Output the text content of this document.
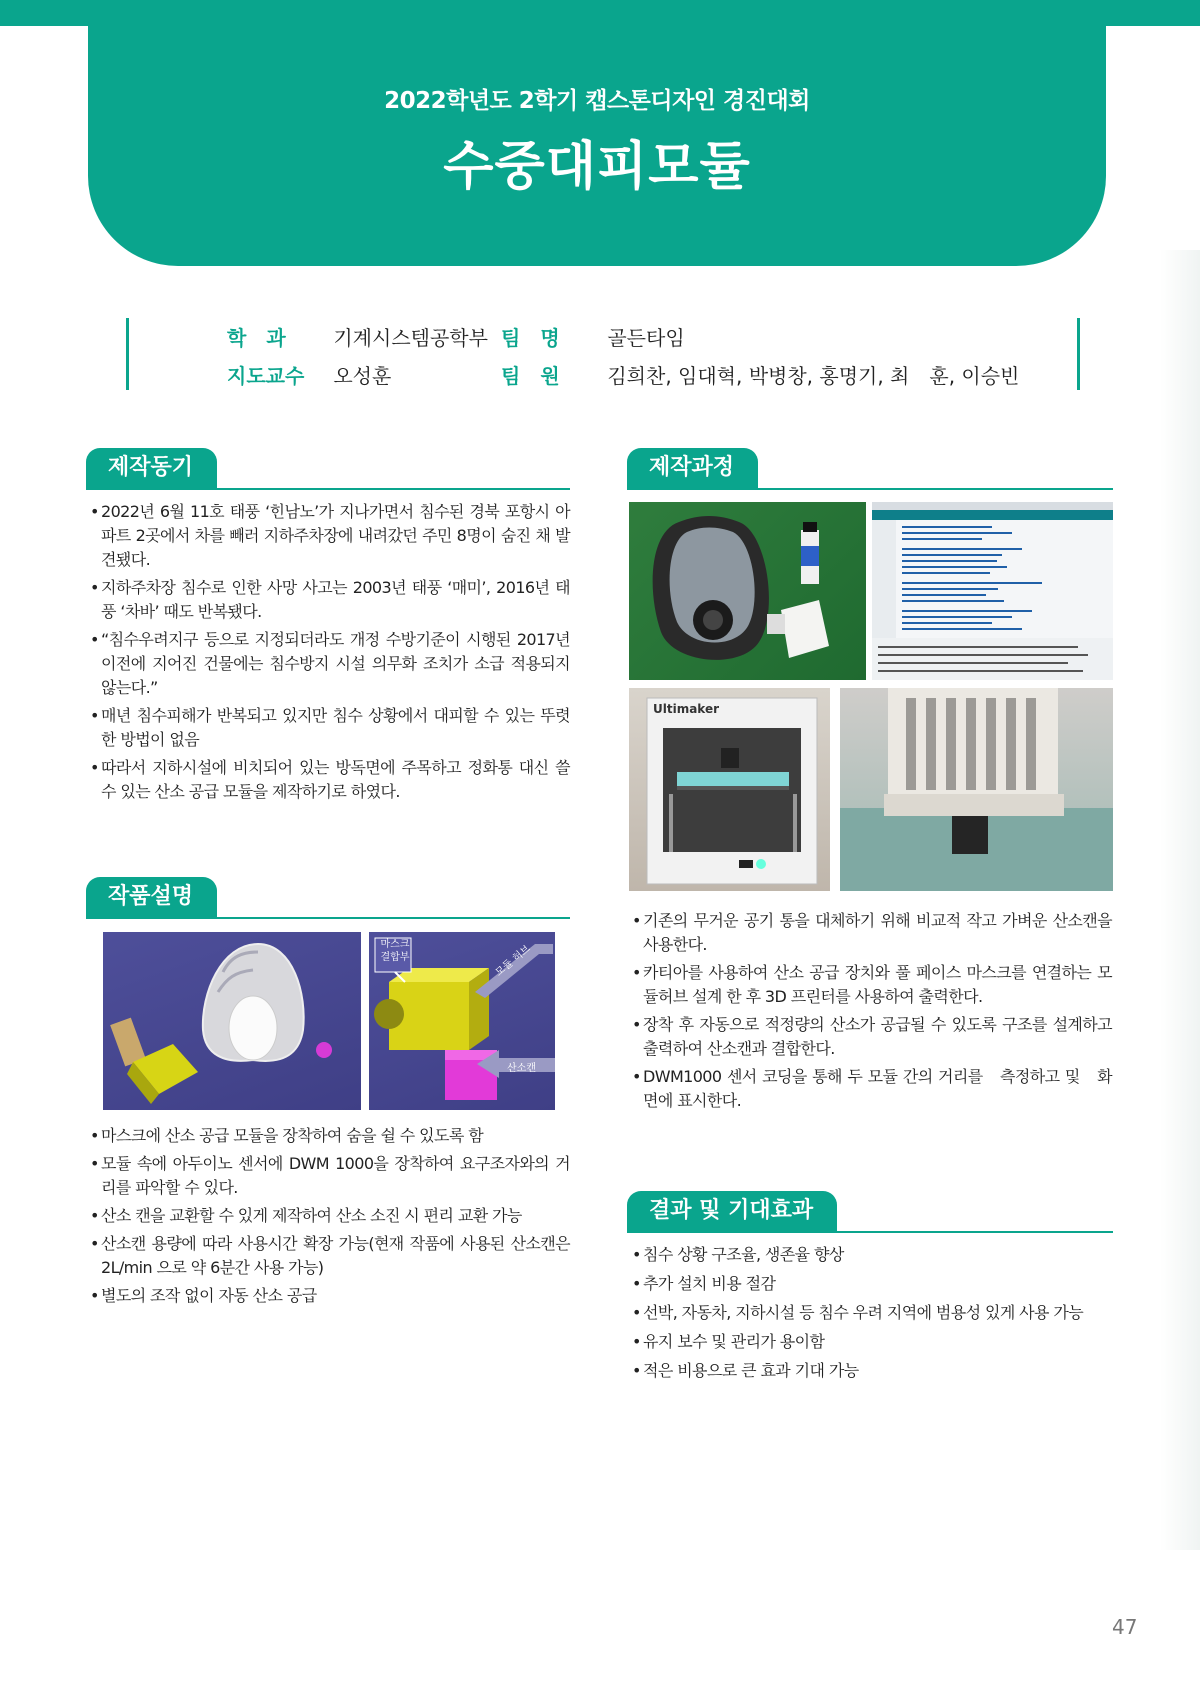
2022학년도 2학기 캡스톤디자인 경진대회
수중대피모듈
학　과 기계시스템공학부 팀　명 골든타임
지도교수 오성훈	팀　원 김희찬, 임대혁, 박병창, 홍명기, 최　훈, 이승빈
제작동기
• 2022년 6월 11호 태풍 ‘힌남노’가 지나가면서 침수된 경북 포항시 아파트 2곳에서 차를 빼러 지하주차장에 내려갔던 주민 8명이 숨진 채 발견됐다.
• 지하주차장 침수로 인한 사망 사고는 2003년 태풍 ‘매미’, 2016년 태풍 ‘차바’ 때도 반복됐다.
• “침수우려지구 등으로 지정되더라도 개정 수방기준이 시행된 2017년 이전에 지어진 건물에는 침수방지 시설 의무화 조치가 소급 적용되지 않는다.”
• 매년 침수피해가 반복되고 있지만 침수 상황에서 대피할 수 있는 뚜렷한 방법이 없음
• 따라서 지하시설에 비치되어 있는 방독면에 주목하고 정화통 대신 쓸 수 있는 산소 공급 모듈을 제작하기로 하였다.
작품설명
마스크
결합부	모듈 허브
산소캔
• 마스크에 산소 공급 모듈을 장착하여 숨을 쉴 수 있도록 함
• 모듈 속에 아두이노 센서에 DWM 1000을 장착하여 요구조자와의 거리를 파악할 수 있다.
• 산소 캔을 교환할 수 있게 제작하여 산소 소진 시 편리 교환 가능
• 산소캔 용량에 따라 사용시간 확장 가능(현재 작품에 사용된 산소캔은 2L/min 으로 약 6분간 사용 가능)
• 별도의 조작 없이 자동 산소 공급
제작과정
Ultimaker
• 기존의 무거운 공기 통을 대체하기 위해 비교적 작고 가벼운 산소캔을 사용한다.
• 카티아를 사용하여 산소 공급 장치와 풀 페이스 마스크를 연결하는 모듈허브 설계 한 후 3D 프린터를 사용하여 출력한다.
• 장착 후 자동으로 적정량의 산소가 공급될 수 있도록 구조를 설계하고 출력하여 산소캔과 결합한다.
• DWM1000 센서 코딩을 통해 두 모듈 간의 거리를　측정하고 및　화면에 표시한다.
결과 및 기대효과
• 침수 상황 구조율, 생존율 향상
• 추가 설치 비용 절감
• 선박, 자동차, 지하시설 등 침수 우려 지역에 범용성 있게 사용 가능
• 유지 보수 및 관리가 용이함
• 적은 비용으로 큰 효과 기대 가능
47
